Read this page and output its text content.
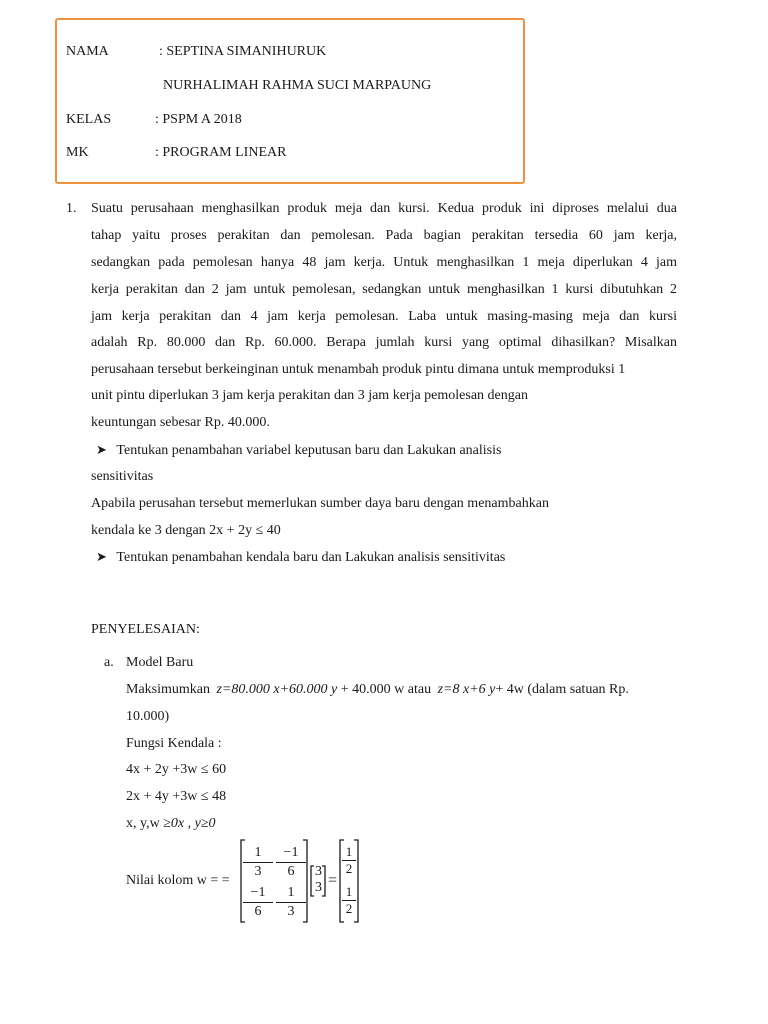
NAMA	: SEPTINA SIMANIHURUK
NURHALIMAH RAHMA SUCI MARPAUNG
KELAS	: PSPM A 2018
MK	: PROGRAM LINEAR
1. Suatu perusahaan menghasilkan produk meja dan kursi. Kedua produk ini diproses melalui dua
tahap yaitu proses perakitan dan pemolesan. Pada bagian perakitan tersedia 60 jam kerja,
sedangkan pada pemolesan hanya 48 jam kerja. Untuk menghasilkan 1 meja diperlukan 4 jam
kerja perakitan dan 2 jam untuk pemolesan, sedangkan untuk menghasilkan 1 kursi dibutuhkan 2
jam kerja perakitan dan 4 jam kerja pemolesan. Laba untuk masing-masing meja dan kursi
adalah Rp. 80.000 dan Rp. 60.000. Berapa jumlah kursi yang optimal dihasilkan? Misalkan
perusahaan tersebut berkeinginan untuk menambah produk pintu dimana untuk memproduksi 1
unit pintu diperlukan 3 jam kerja perakitan dan 3 jam kerja pemolesan dengan
keuntungan sebesar Rp. 40.000.
➤ Tentukan penambahan variabel keputusan baru dan Lakukan analisis
sensitivitas
Apabila perusahan tersebut memerlukan sumber daya baru dengan menambahkan
kendala ke 3 dengan 2x + 2y ≤ 40
➤ Tentukan penambahan kendala baru dan Lakukan analisis sensitivitas
PENYELESAIAN:
a. Model Baru
Maksimumkan z=80.000 x+60.000 y + 40.000 w atau z=8 x+6 y+ 4w (dalam satuan Rp.
10.000)
Fungsi Kendala :
4x + 2y +3w ≤ 60
2x + 4y +3w ≤ 48
x, y,w ≥0x , y≥0
Nilai kolom w = = $\frac{1}{3} \frac{-1}{6}$
$\frac{-1}{6} \frac{1}{3}$
3
3 =
$\frac{1}{2}$
$\frac{1}{2}$
